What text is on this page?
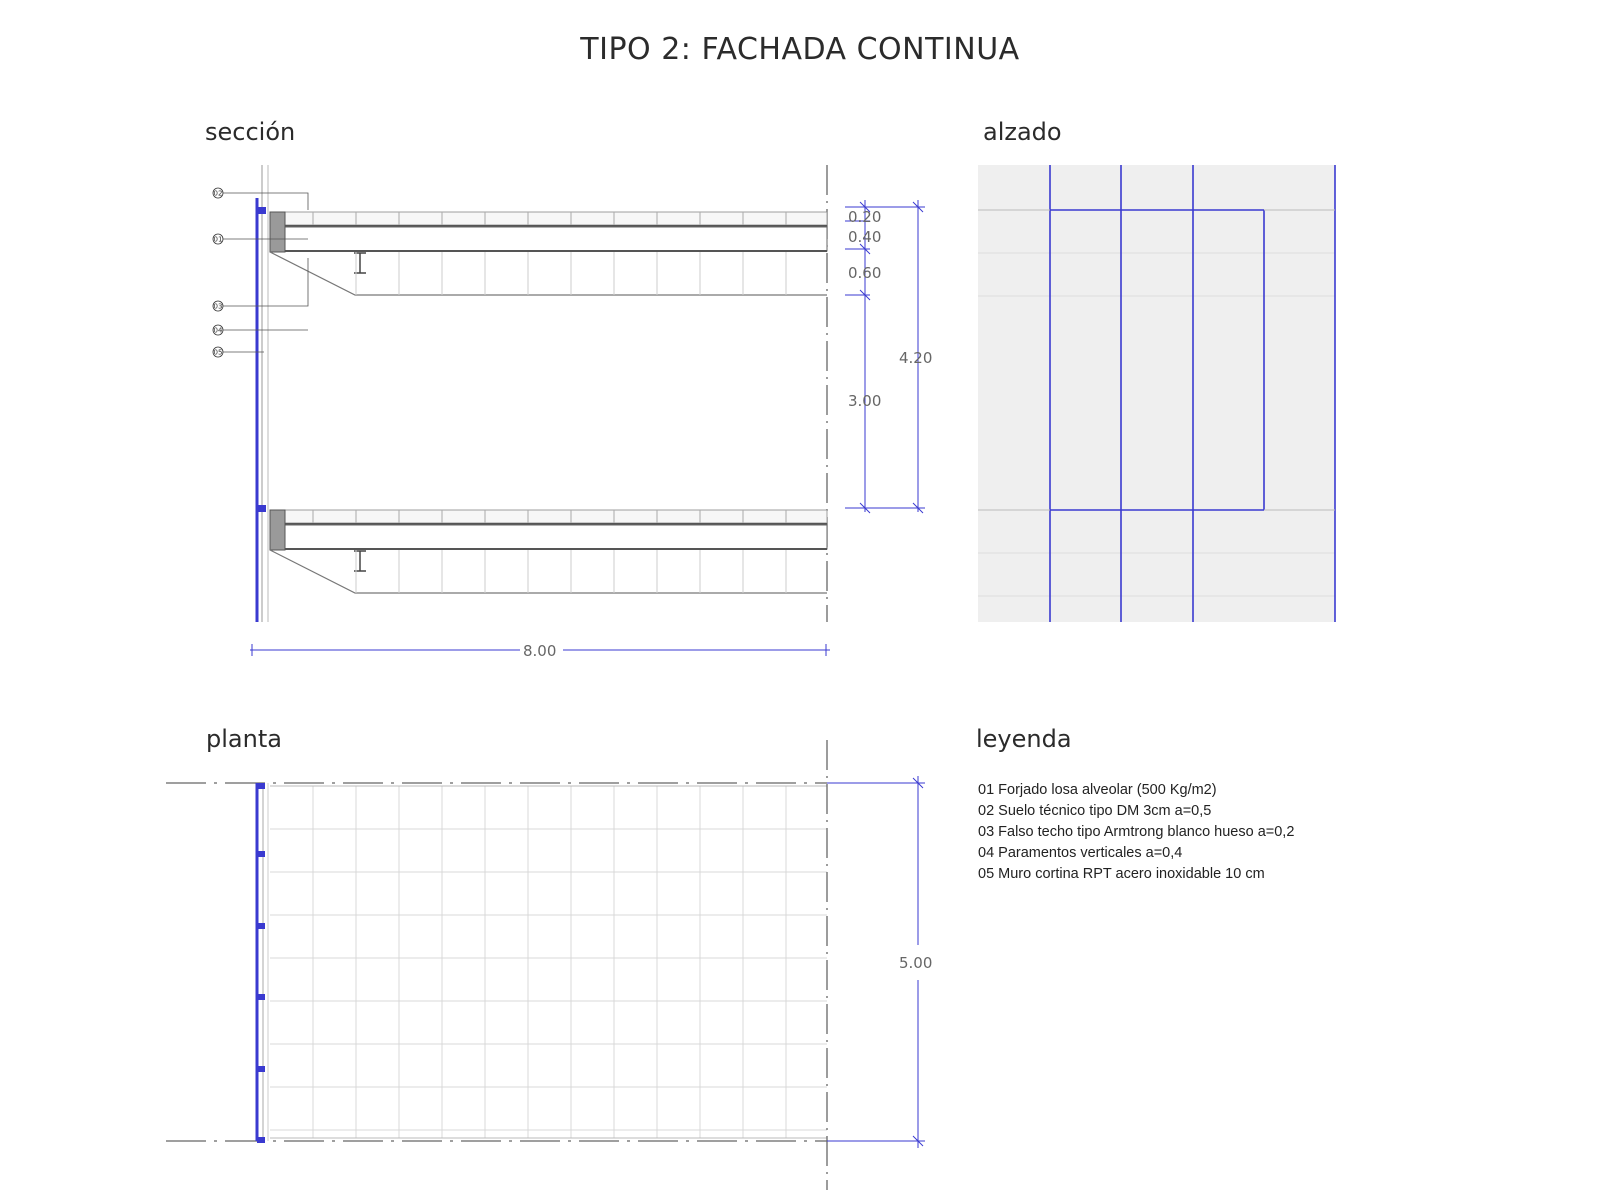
TIPO 2: FACHADA CONTINUA
sección	alzado
planta	leyenda
02
01
03
04
05
0.20
0.40
0.60
3.00
4.20
8.00
5.00
01 Forjado losa alveolar (500 Kg/m2)
02 Suelo técnico tipo DM 3cm a=0,5
03 Falso techo tipo Armtrong blanco hueso a=0,2
04 Paramentos verticales a=0,4
05 Muro cortina RPT acero inoxidable 10 cm
